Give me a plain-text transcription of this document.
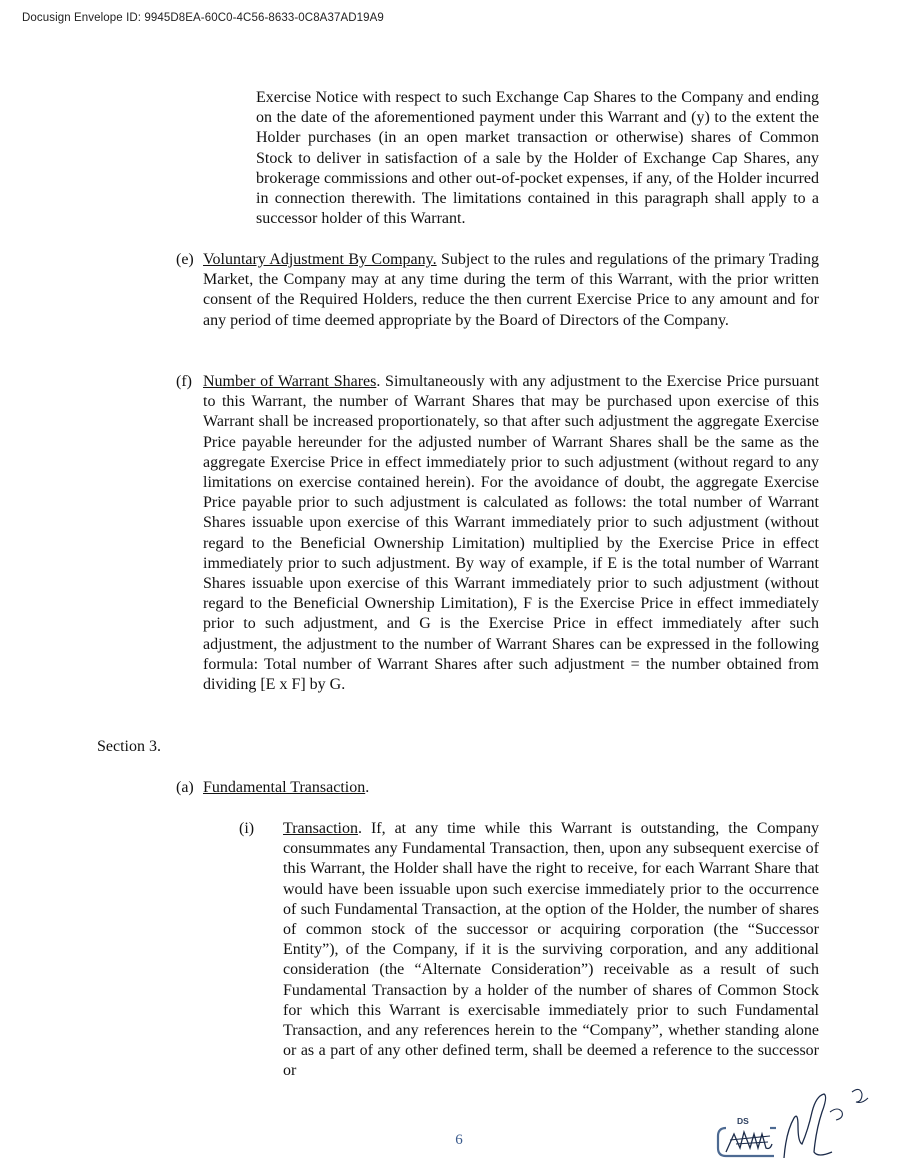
Docusign Envelope ID: 9945D8EA-60C0-4C56-8633-0C8A37AD19A9

Exercise Notice with respect to such Exchange Cap Shares to the Company and ending on the date of the aforementioned payment under this Warrant and (y) to the extent the Holder purchases (in an open market transaction or otherwise) shares of Common Stock to deliver in satisfaction of a sale by the Holder of Exchange Cap Shares, any brokerage commissions and other out-of-pocket expenses, if any, of the Holder incurred in connection therewith. The limitations contained in this paragraph shall apply to a successor holder of this Warrant.

(e) Voluntary Adjustment By Company. Subject to the rules and regulations of the primary Trading Market, the Company may at any time during the term of this Warrant, with the prior written consent of the Required Holders, reduce the then current Exercise Price to any amount and for any period of time deemed appropriate by the Board of Directors of the Company.

(f) Number of Warrant Shares. Simultaneously with any adjustment to the Exercise Price pursuant to this Warrant, the number of Warrant Shares that may be purchased upon exercise of this Warrant shall be increased proportionately, so that after such adjustment the aggregate Exercise Price payable hereunder for the adjusted number of Warrant Shares shall be the same as the aggregate Exercise Price in effect immediately prior to such adjustment (without regard to any limitations on exercise contained herein). For the avoidance of doubt, the aggregate Exercise Price payable prior to such adjustment is calculated as follows: the total number of Warrant Shares issuable upon exercise of this Warrant immediately prior to such adjustment (without regard to the Beneficial Ownership Limitation) multiplied by the Exercise Price in effect immediately prior to such adjustment. By way of example, if E is the total number of Warrant Shares issuable upon exercise of this Warrant immediately prior to such adjustment (without regard to the Beneficial Ownership Limitation), F is the Exercise Price in effect immediately prior to such adjustment, and G is the Exercise Price in effect immediately after such adjustment, the adjustment to the number of Warrant Shares can be expressed in the following formula: Total number of Warrant Shares after such adjustment = the number obtained from dividing [E x F] by G.

Section 3.
(a) Fundamental Transaction.
(i) Transaction. If, at any time while this Warrant is outstanding, the Company consummates any Fundamental Transaction, then, upon any subsequent exercise of this Warrant, the Holder shall have the right to receive, for each Warrant Share that would have been issuable upon such exercise immediately prior to the occurrence of such Fundamental Transaction, at the option of the Holder, the number of shares of common stock of the successor or acquiring corporation (the “Successor Entity”), of the Company, if it is the surviving corporation, and any additional consideration (the “Alternate Consideration”) receivable as a result of such Fundamental Transaction by a holder of the number of shares of Common Stock for which this Warrant is exercisable immediately prior to such Fundamental Transaction, and any references herein to the “Company”, whether standing alone or as a part of any other defined term, shall be deemed a reference to the successor or

6
DS
